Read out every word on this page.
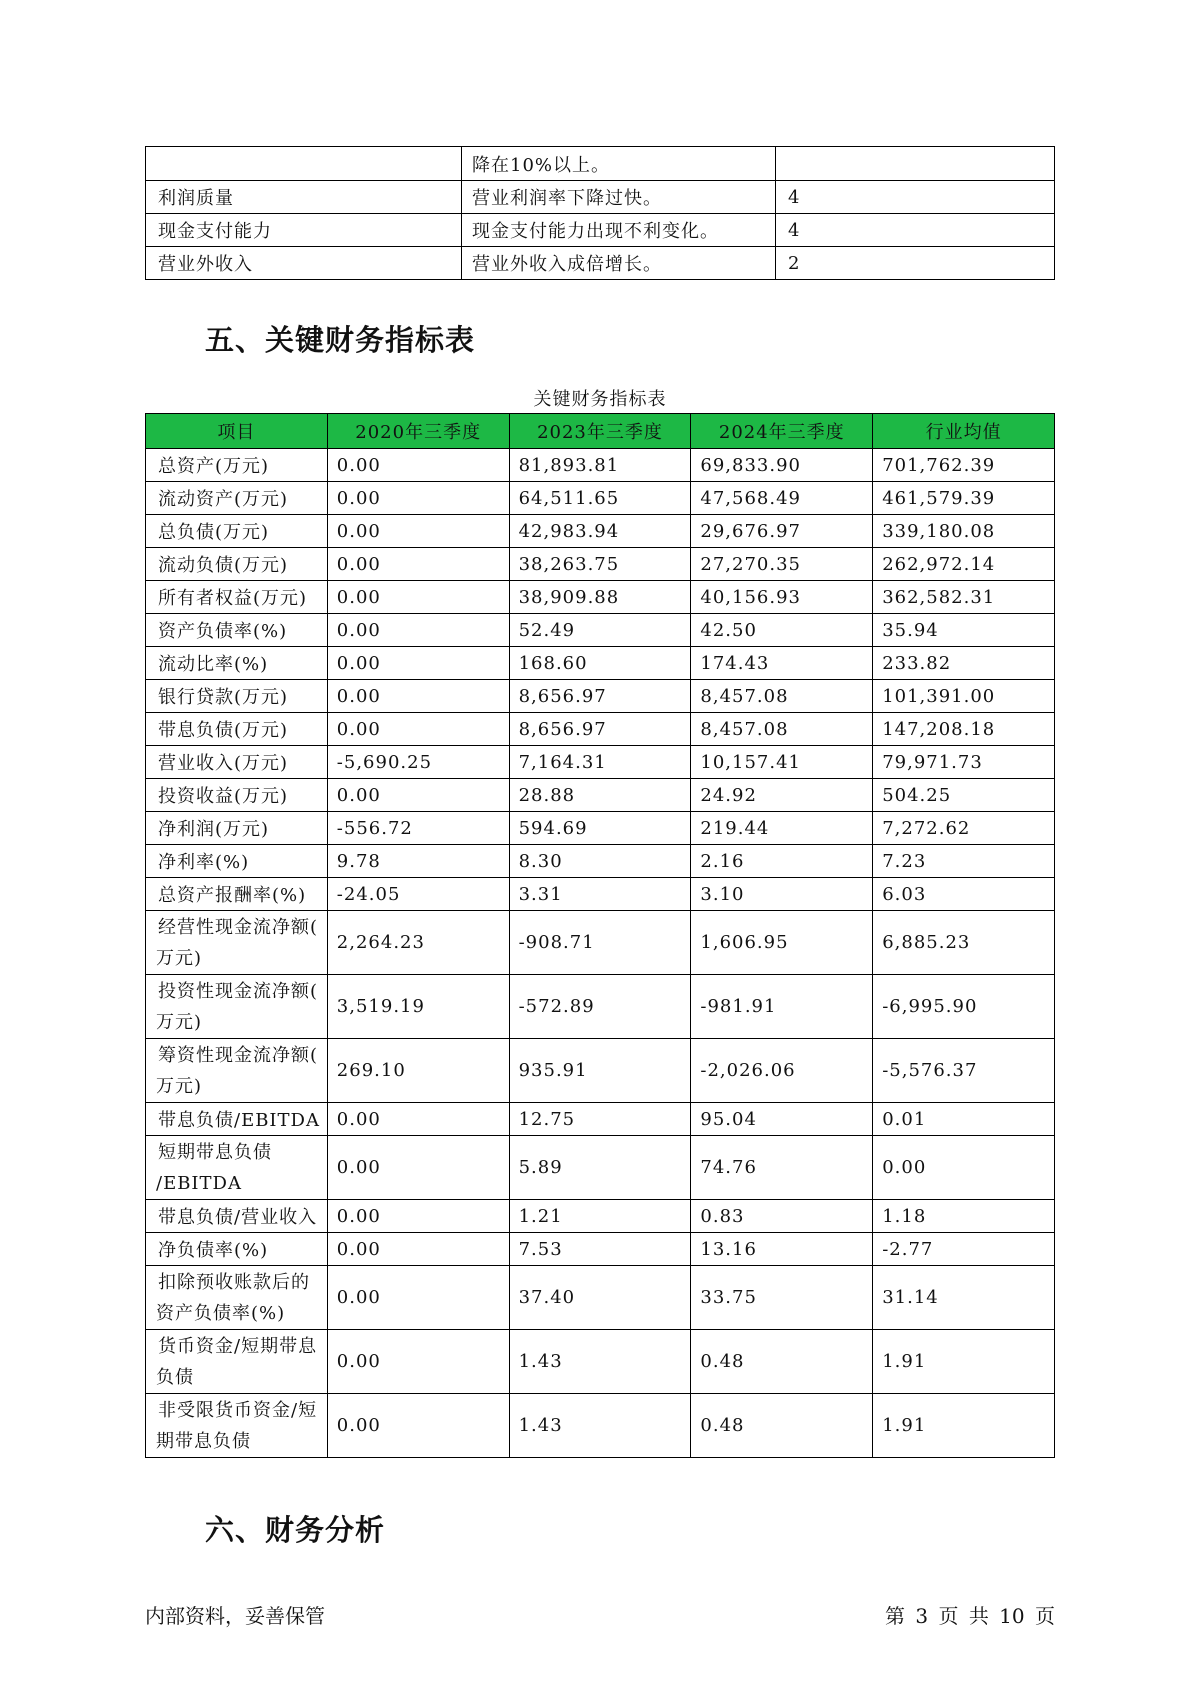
	降在10%以上。	
利润质量	营业利润率下降过快。	4
现金支付能力	现金支付能力出现不利变化。	4
营业外收入	营业外收入成倍增长。	2
五、关键财务指标表
关键财务指标表
项目	2020年三季度	2023年三季度	2024年三季度	行业均值
总资产(万元)	0.00	81,893.81	69,833.90	701,762.39
流动资产(万元)	0.00	64,511.65	47,568.49	461,579.39
总负债(万元)	0.00	42,983.94	29,676.97	339,180.08
流动负债(万元)	0.00	38,263.75	27,270.35	262,972.14
所有者权益(万元)	0.00	38,909.88	40,156.93	362,582.31
资产负债率(%)	0.00	52.49	42.50	35.94
流动比率(%)	0.00	168.60	174.43	233.82
银行贷款(万元)	0.00	8,656.97	8,457.08	101,391.00
带息负债(万元)	0.00	8,656.97	8,457.08	147,208.18
营业收入(万元)	-5,690.25	7,164.31	10,157.41	79,971.73
投资收益(万元)	0.00	28.88	24.92	504.25
净利润(万元)	-556.72	594.69	219.44	7,272.62
净利率(%)	9.78	8.30	2.16	7.23
总资产报酬率(%)	-24.05	3.31	3.10	6.03

经营性现金流净额(
万元)	2,264.23	-908.71	1,606.95	6,885.23

投资性现金流净额(
万元)	3,519.19	-572.89	-981.91	-6,995.90

筹资性现金流净额(
万元)	269.10	935.91	-2,026.06	-5,576.37
带息负债/EBITDA	0.00	12.75	95.04	0.01

短期带息负债
/EBITDA	0.00	5.89	74.76	0.00
带息负债/营业收入	0.00	1.21	0.83	1.18
净负债率(%)	0.00	7.53	13.16	-2.77

扣除预收账款后的
资产负债率(%)	0.00	37.40	33.75	31.14

货币资金/短期带息
负债	0.00	1.43	0.48	1.91

非受限货币资金/短
期带息负债	0.00	1.43	0.48	1.91
六、财务分析
内部资料，妥善保管	第 3 页 共 10 页
